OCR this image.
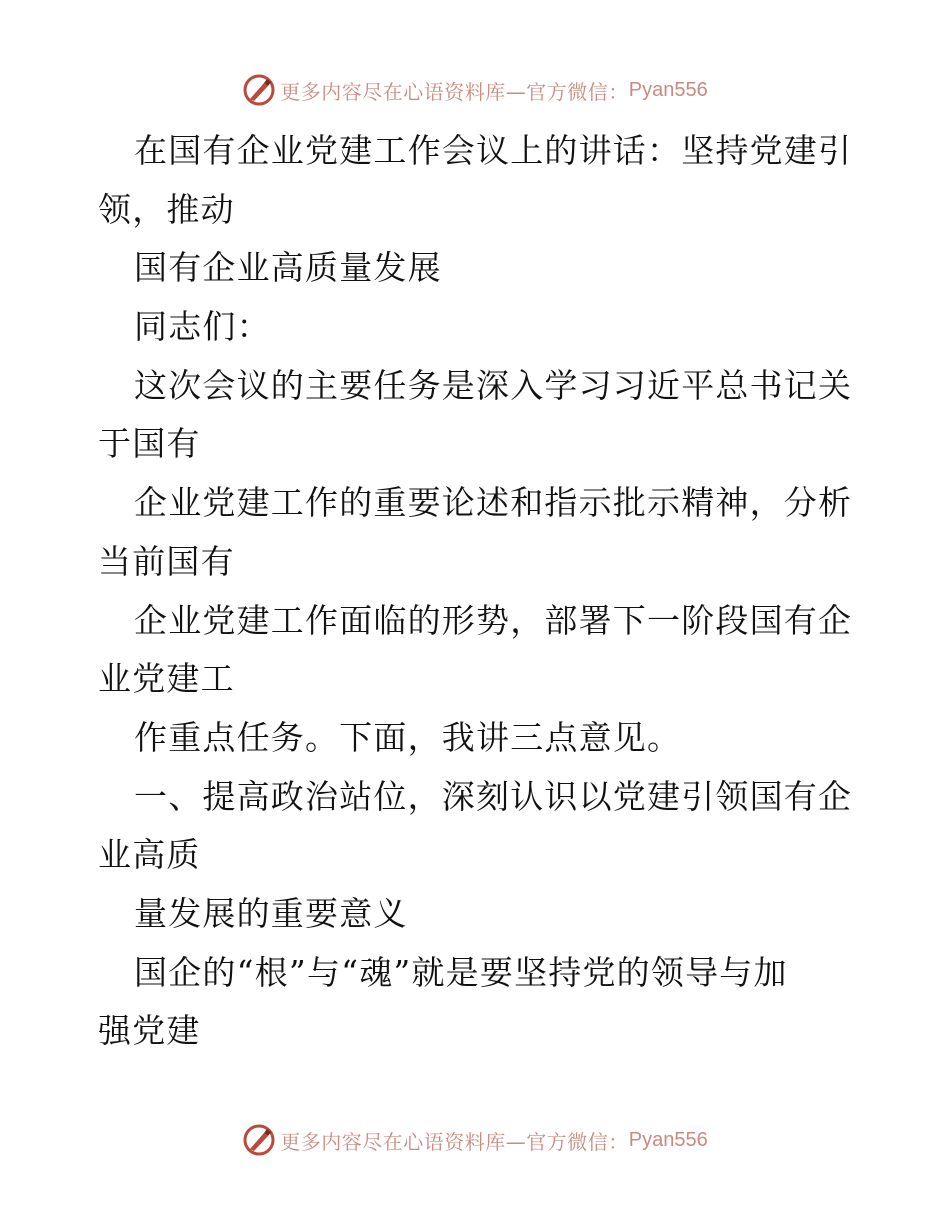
更多内容尽在心语资料库—官方微信： Pyan556
在国有企业党建工作会议上的讲话：坚持党建引
领，推动
国有企业高质量发展
同志们：
这次会议的主要任务是深入学习习近平总书记关
于国有
企业党建工作的重要论述和指示批示精神，分析
当前国有
企业党建工作面临的形势，部署下一阶段国有企
业党建工
作重点任务。下面，我讲三点意见。
一、提高政治站位，深刻认识以党建引领国有企
业高质
量发展的重要意义
国企的“根”与“魂”就是要坚持党的领导与加
强党建
更多内容尽在心语资料库—官方微信： Pyan556
